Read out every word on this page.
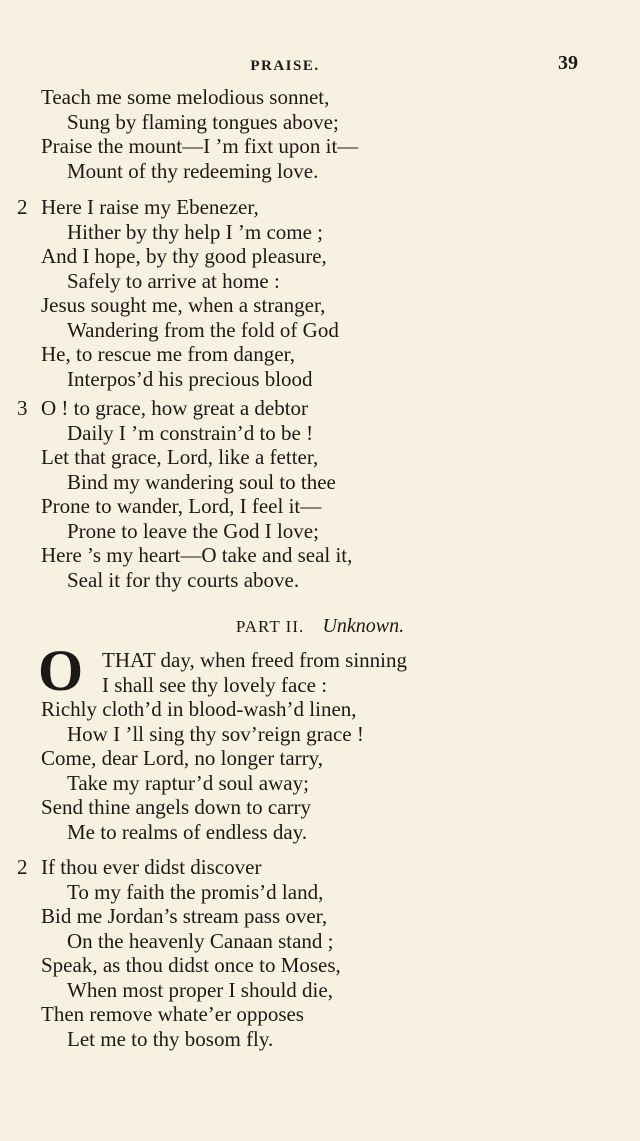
PRAISE.	39
Teach me some melodious sonnet,
Sung by flaming tongues above;
Praise the mount—I ’m fixt upon it—
Mount of thy redeeming love.
2 Here I raise my Ebenezer,
Hither by thy help I ’m come ;
And I hope, by thy good pleasure,
Safely to arrive at home :
Jesus sought me, when a stranger,
Wandering from the fold of God
He, to rescue me from danger,
Interpos’d his precious blood
3 O ! to grace, how great a debtor
Daily I ’m constrain’d to be !
Let that grace, Lord, like a fetter,
Bind my wandering soul to thee
Prone to wander, Lord, I feel it—
Prone to leave the God I love;
Here ’s my heart—O take and seal it,
Seal it for thy courts above.
PART II. Unknown.
O THAT day, when freed from sinning
I shall see thy lovely face :
Richly cloth’d in blood-wash’d linen,
How I ’ll sing thy sov’reign grace !
Come, dear Lord, no longer tarry,
Take my raptur’d soul away;
Send thine angels down to carry
Me to realms of endless day.
2 If thou ever didst discover
To my faith the promis’d land,
Bid me Jordan’s stream pass over,
On the heavenly Canaan stand ;
Speak, as thou didst once to Moses,
When most proper I should die,
Then remove whate’er opposes
Let me to thy bosom fly.
